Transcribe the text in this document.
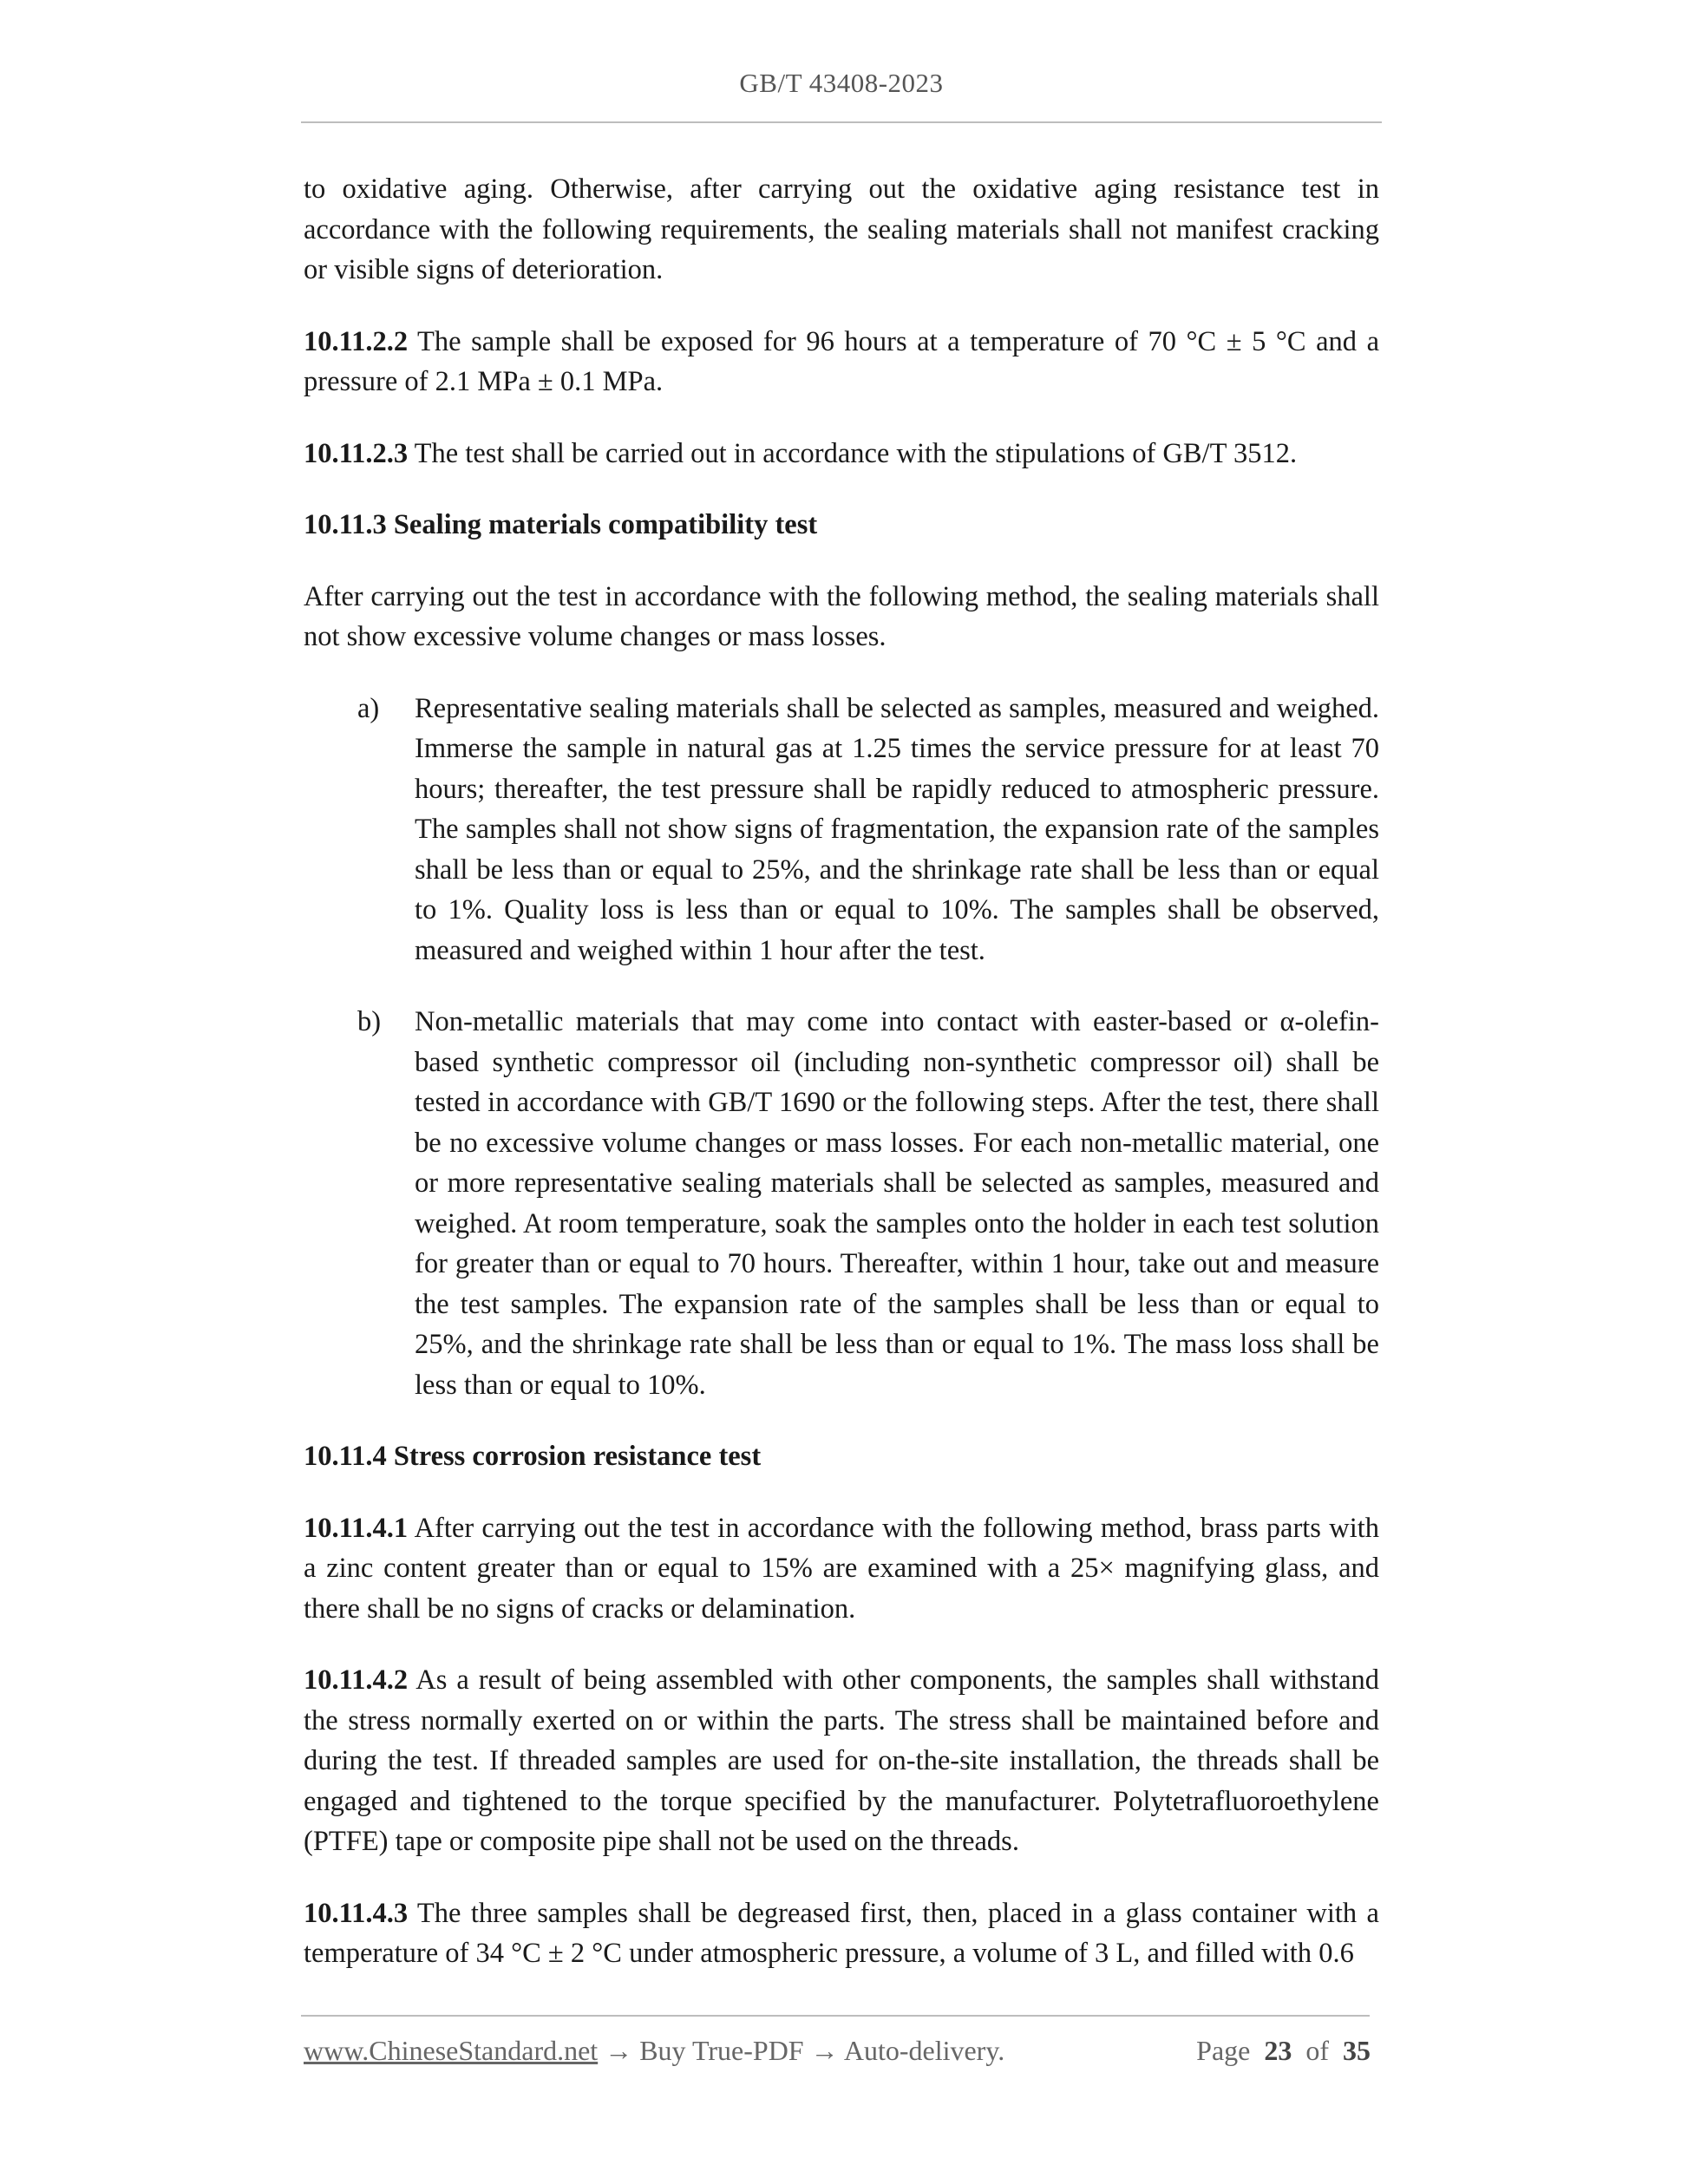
GB/T 43408-2023

to oxidative aging. Otherwise, after carrying out the oxidative aging resistance test in accordance with the following requirements, the sealing materials shall not manifest cracking or visible signs of deterioration.

10.11.2.2 The sample shall be exposed for 96 hours at a temperature of 70 °C ± 5 °C and a pressure of 2.1 MPa ± 0.1 MPa.

10.11.2.3 The test shall be carried out in accordance with the stipulations of GB/T 3512.

10.11.3 Sealing materials compatibility test

After carrying out the test in accordance with the following method, the sealing materials shall not show excessive volume changes or mass losses.

a)	Representative sealing materials shall be selected as samples, measured and weighed. Immerse the sample in natural gas at 1.25 times the service pressure for at least 70 hours; thereafter, the test pressure shall be rapidly reduced to atmospheric pressure. The samples shall not show signs of fragmentation, the expansion rate of the samples shall be less than or equal to 25%, and the shrinkage rate shall be less than or equal to 1%. Quality loss is less than or equal to 10%. The samples shall be observed, measured and weighed within 1 hour after the test.
b)	Non-metallic materials that may come into contact with easter-based or α-olefin-based synthetic compressor oil (including non-synthetic compressor oil) shall be tested in accordance with GB/T 1690 or the following steps. After the test, there shall be no excessive volume changes or mass losses. For each non-metallic material, one or more representative sealing materials shall be selected as samples, measured and weighed. At room temperature, soak the samples onto the holder in each test solution for greater than or equal to 70 hours. Thereafter, within 1 hour, take out and measure the test samples. The expansion rate of the samples shall be less than or equal to 25%, and the shrinkage rate shall be less than or equal to 1%. The mass loss shall be less than or equal to 10%.

10.11.4 Stress corrosion resistance test

10.11.4.1 After carrying out the test in accordance with the following method, brass parts with a zinc content greater than or equal to 15% are examined with a 25× magnifying glass, and there shall be no signs of cracks or delamination.

10.11.4.2 As a result of being assembled with other components, the samples shall withstand the stress normally exerted on or within the parts. The stress shall be maintained before and during the test. If threaded samples are used for on-the-site installation, the threads shall be engaged and tightened to the torque specified by the manufacturer. Polytetrafluoroethylene (PTFE) tape or composite pipe shall not be used on the threads.

10.11.4.3 The three samples shall be degreased first, then, placed in a glass container with a temperature of 34 °C ± 2 °C under atmospheric pressure, a volume of 3 L, and filled with 0.6

www.ChineseStandard.net → Buy True-PDF → Auto-delivery.	Page 23 of 35
